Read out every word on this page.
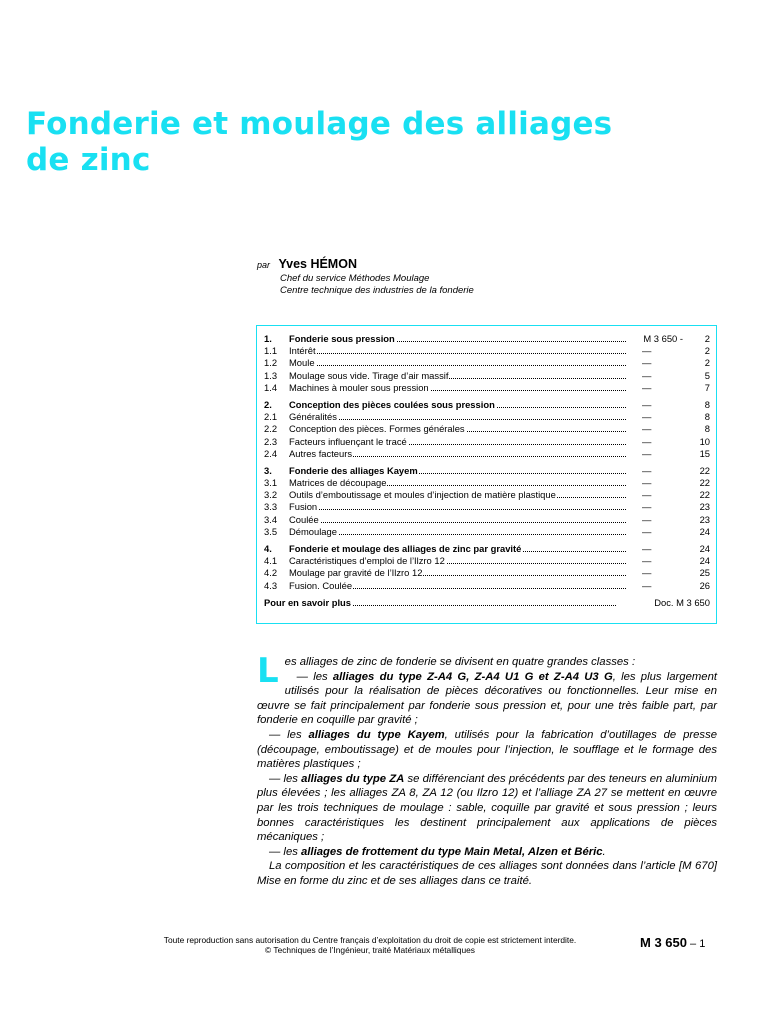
Fonderie et moulage des alliages
de zinc
par Yves HÉMON
Chef du service Méthodes Moulage
Centre technique des industries de la fonderie
1.	Fonderie sous pression	M 3 650 -	2
1.1	Intérêt	—	2
1.2	Moule	—	2
1.3	Moulage sous vide. Tirage d’air massif	—	5
1.4	Machines à mouler sous pression	—	7
2.	Conception des pièces coulées sous pression	—	8
2.1	Généralités	—	8
2.2	Conception des pièces. Formes générales	—	8
2.3	Facteurs influençant le tracé	—	10
2.4	Autres facteurs	—	15
3.	Fonderie des alliages Kayem	—	22
3.1	Matrices de découpage	—	22
3.2	Outils d’emboutissage et moules d’injection de matière plastique	—	22
3.3	Fusion	—	23
3.4	Coulée	—	23
3.5	Démoulage	—	24
4.	Fonderie et moulage des alliages de zinc par gravité	—	24
4.1	Caractéristiques d’emploi de l’Ilzro 12	—	24
4.2	Moulage par gravité de l’Ilzro 12	—	25
4.3	Fusion. Coulée	—	26
Pour en savoir plus	Doc. M 3 650

L es alliages de zinc de fonderie se divisent en quatre grandes classes :

— les alliages du type Z-A4 G, Z-A4 U1 G et Z-A4 U3 G, les plus largement utilisés pour la réalisation de pièces décoratives ou fonctionnelles. Leur mise en œuvre se fait principalement par fonderie sous pression et, pour une très faible part, par fonderie en coquille par gravité ;

— les alliages du type Kayem, utilisés pour la fabrication d’outillages de presse (découpage, emboutissage) et de moules pour l’injection, le soufflage et le formage des matières plastiques ;

— les alliages du type ZA se différenciant des précédents par des teneurs en aluminium plus élevées ; les alliages ZA 8, ZA 12 (ou Ilzro 12) et l’alliage ZA 27 se mettent en œuvre par les trois techniques de moulage : sable, coquille par gravité et sous pression ; leurs bonnes caractéristiques les destinent principalement aux applications de pièces mécaniques ;

— les alliages de frottement du type Main Metal, Alzen et Béric.

La composition et les caractéristiques de ces alliages sont données dans l’article [M 670] Mise en forme du zinc et de ses alliages dans ce traité.

Toute reproduction sans autorisation du Centre français d’exploitation du droit de copie est strictement interdite.
© Techniques de l’Ingénieur, traité Matériaux métalliques	M 3 650 – 1
